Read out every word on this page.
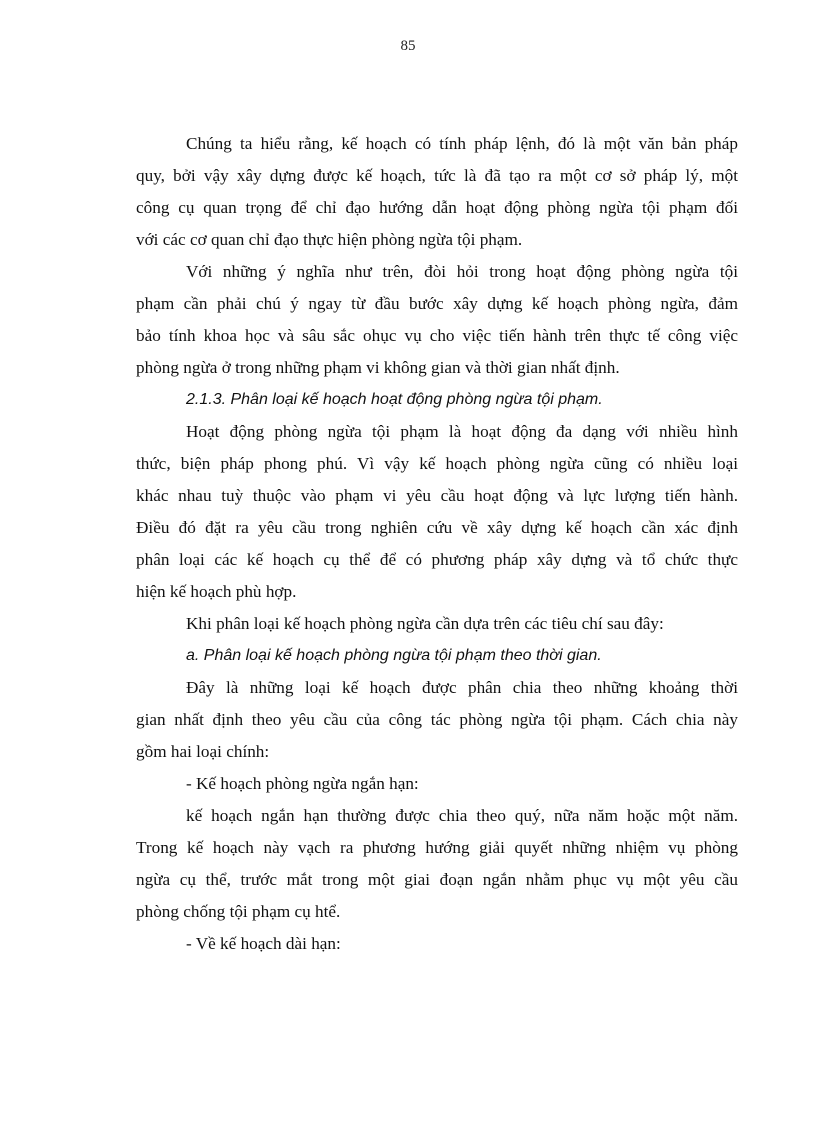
85
Chúng ta hiểu rằng, kế hoạch có tính pháp lệnh, đó là một văn bản pháp
quy, bởi vậy xây dựng được kế hoạch, tức là đã tạo ra một cơ sở pháp lý, một
công cụ quan trọng để chỉ đạo hướng dẫn hoạt động phòng ngừa tội phạm đối
với các cơ quan chỉ đạo thực hiện phòng ngừa tội phạm.
Với những ý nghĩa như trên, đòi hỏi trong hoạt động phòng ngừa tội
phạm cần phải chú ý ngay từ đầu bước xây dựng kế hoạch phòng ngừa, đảm
bảo tính khoa học và sâu sắc ohục vụ cho việc tiến hành trên thực tế công việc
phòng ngừa ở trong những phạm vi không gian và thời gian nhất định.
2.1.3. Phân loại kế hoạch hoạt động phòng ngừa tội phạm.
Hoạt động phòng ngừa tội phạm là hoạt động đa dạng với nhiều hình
thức, biện pháp phong phú. Vì vậy kế hoạch phòng ngừa cũng có nhiều loại
khác nhau tuỳ thuộc vào phạm vi yêu cầu hoạt động và lực lượng tiến hành.
Điều đó đặt ra yêu cầu trong nghiên cứu về xây dựng kế hoạch cần xác định
phân loại các kế hoạch cụ thể để có phương pháp xây dựng và tổ chức thực
hiện kế hoạch phù hợp.
Khi phân loại kế hoạch phòng ngừa cần dựa trên các tiêu chí sau đây:
a. Phân loại kế hoạch phòng ngừa tội phạm theo thời gian.
Đây là những loại kế hoạch được phân chia theo những khoảng thời
gian nhất định theo yêu cầu của công tác phòng ngừa tội phạm. Cách chia này
gồm hai loại chính:
- Kế hoạch phòng ngừa ngắn hạn:
kế hoạch ngắn hạn thường được chia theo quý, nữa năm hoặc một năm.
Trong kế hoạch này vạch ra phương hướng giải quyết những nhiệm vụ phòng
ngừa cụ thể, trước mắt trong một giai đoạn ngắn nhằm phục vụ một yêu cầu
phòng chống tội phạm cụ htể.
- Về kế hoạch dài hạn:
